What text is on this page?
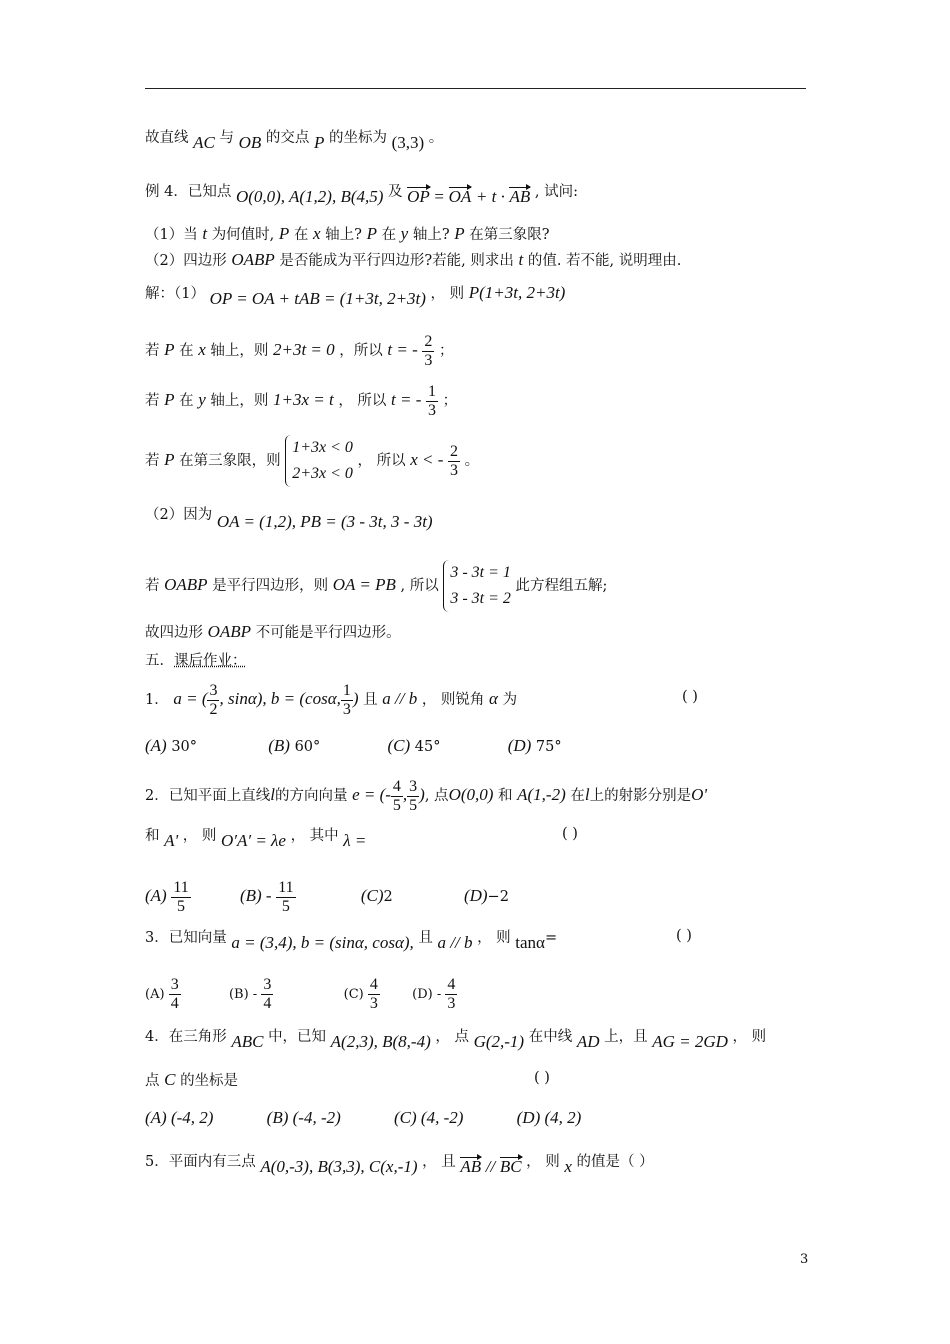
故直线 AC 与 OB 的交点 P 的坐标为 (3,3) 。
例 4．已知点 O(0,0), A(1,2), B(4,5) 及 OP = OA + t · AB , 试问:
（1）当 t 为何值时, P 在 x 轴上? P 在 y 轴上? P 在第三象限?
（2）四边形 OABP 是否能成为平行四边形?若能, 则求出 t 的值. 若不能, 说明理由.
解：（1） OP = OA + tAB = (1+3t, 2+3t) ， 则 P(1+3t, 2+3t)
若 P 在 x 轴上，则 2+3t = 0 ，所以 t = - $\frac{2}{3}$ ；
若 P 在 y 轴上，则 1+3x = t ， 所以 t = - $\frac{1}{3}$ ；
若 P 在第三象限，则
1+3x < 0
2+3x < 0
， 所以 x < - $\frac{2}{3}$ 。
（2）因为 OA = (1,2), PB = (3 - 3t, 3 - 3t)
若 OABP 是平行四边形，则 OA = PB , 所以
3 - 3t = 1
3 - 3t = 2
此方程组五解;
故四边形 OABP 不可能是平行四边形。
五．课后作业：
1． a = ( $\frac{3}{2}$ , sinα), b = (cosα, $\frac{1}{3}$ ) 且 a // b ， 则锐角 α 为	( )
(A) 30°	(B) 60°	(C) 45°	(D) 75°
2．已知平面上直线l的方向向量 e = (- $\frac{4}{5}$ , $\frac{3}{5}$ ), 点O(0,0) 和 A(1,-2) 在l上的射影分别是O'
和 A' ， 则 O′A′ = λe ， 其中 λ =	( )
$(A) \frac{11}{5}$	$(B) - \frac{11}{5}$	(C)2	(D)−2
3．已知向量 a = (3,4), b = (sinα, cosα), 且 a // b ， 则 tanα=	( )
$(A) \frac{3}{4}$	$(B) - \frac{3}{4}$	$(C) \frac{4}{3} (D) - \frac{4}{3}$
4．在三角形 ABC 中，已知 A(2,3), B(8,-4) ， 点 G(2,-1) 在中线 AD 上，且 AG = 2GD ， 则
点 C 的坐标是	( )
(A) (-4, 2)	(B) (-4, -2)	(C) (4, -2)	(D) (4, 2)
5．平面内有三点 A(0,-3), B(3,3), C(x,-1) ， 且 AB // BC ， 则 x 的值是（ ）
3
